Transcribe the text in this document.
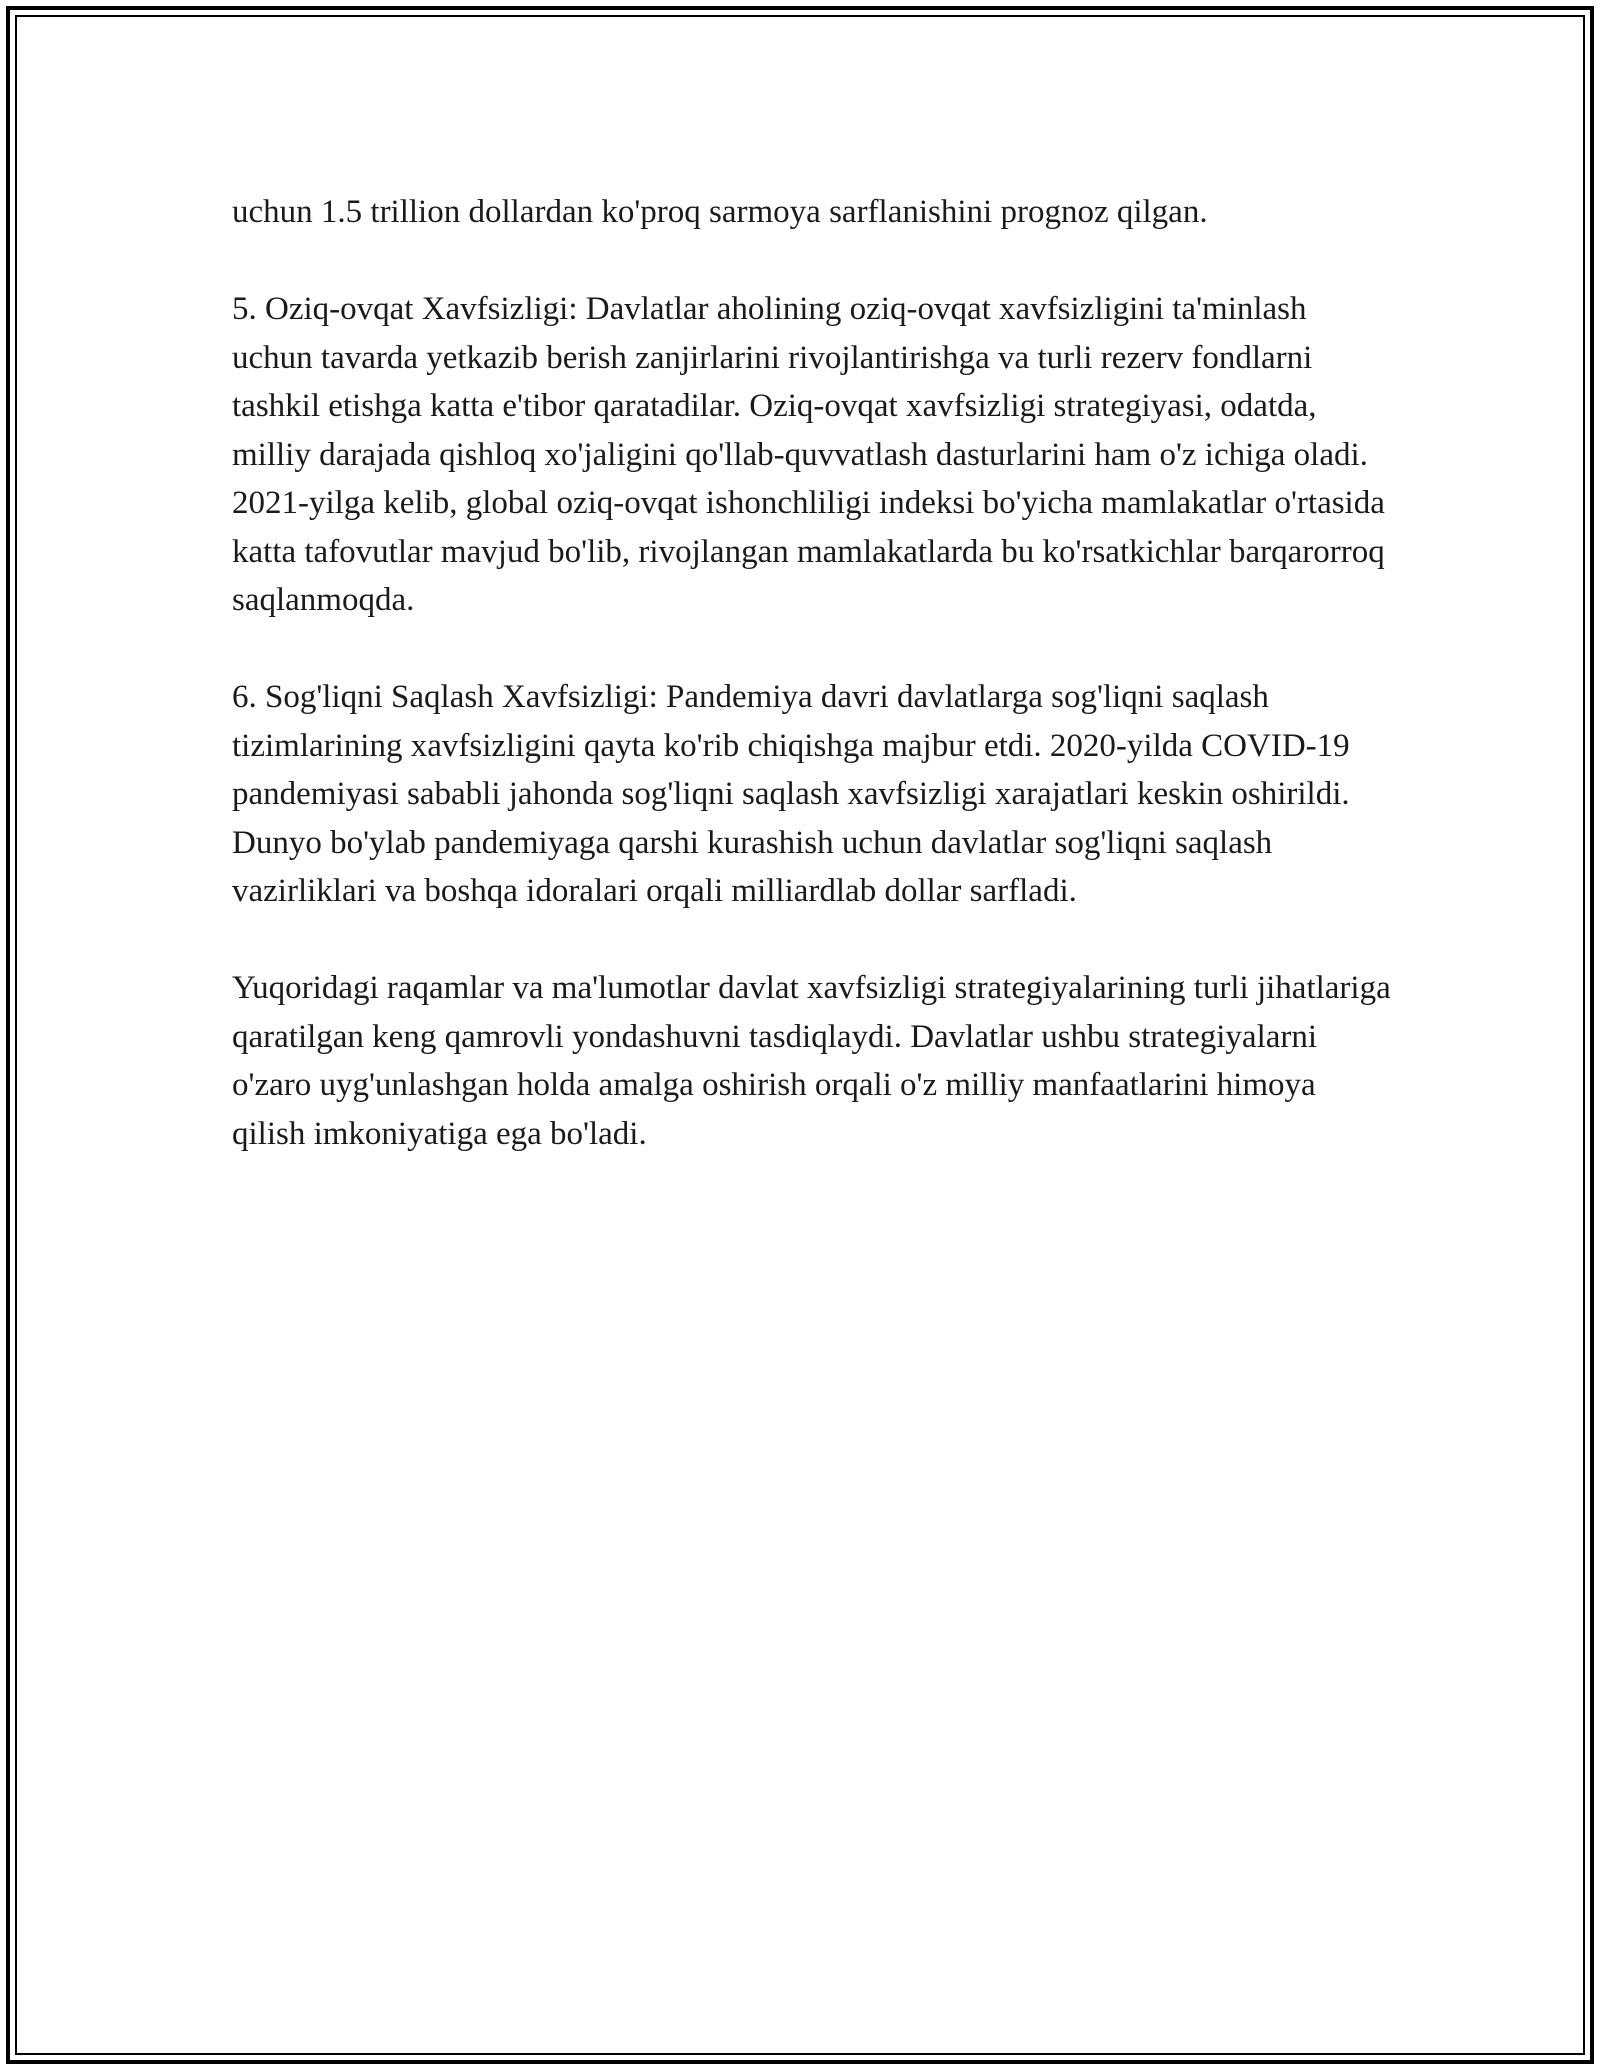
uchun 1.5 trillion dollardan ko'proq sarmoya sarflanishini prognoz qilgan.

5. Oziq-ovqat Xavfsizligi: Davlatlar aholining oziq-ovqat xavfsizligini ta'minlash uchun tavarda yetkazib berish zanjirlarini rivojlantirishga va turli rezerv fondlarni tashkil etishga katta e'tibor qaratadilar. Oziq-ovqat xavfsizligi strategiyasi, odatda, milliy darajada qishloq xo'jaligini qo'llab-quvvatlash dasturlarini ham o'z ichiga oladi. 2021-yilga kelib, global oziq-ovqat ishonchliligi indeksi bo'yicha mamlakatlar o'rtasida katta tafovutlar mavjud bo'lib, rivojlangan mamlakatlarda bu ko'rsatkichlar barqarorroq saqlanmoqda.

6. Sog'liqni Saqlash Xavfsizligi: Pandemiya davri davlatlarga sog'liqni saqlash tizimlarining xavfsizligini qayta ko'rib chiqishga majbur etdi. 2020-yilda COVID-19 pandemiyasi sababli jahonda sog'liqni saqlash xavfsizligi xarajatlari keskin oshirildi. Dunyo bo'ylab pandemiyaga qarshi kurashish uchun davlatlar sog'liqni saqlash vazirliklari va boshqa idoralari orqali milliardlab dollar sarfladi.

Yuqoridagi raqamlar va ma'lumotlar davlat xavfsizligi strategiyalarining turli jihatlariga qaratilgan keng qamrovli yondashuvni tasdiqlaydi. Davlatlar ushbu strategiyalarni o'zaro uyg'unlashgan holda amalga oshirish orqali o'z milliy manfaatlarini himoya qilish imkoniyatiga ega bo'ladi.
